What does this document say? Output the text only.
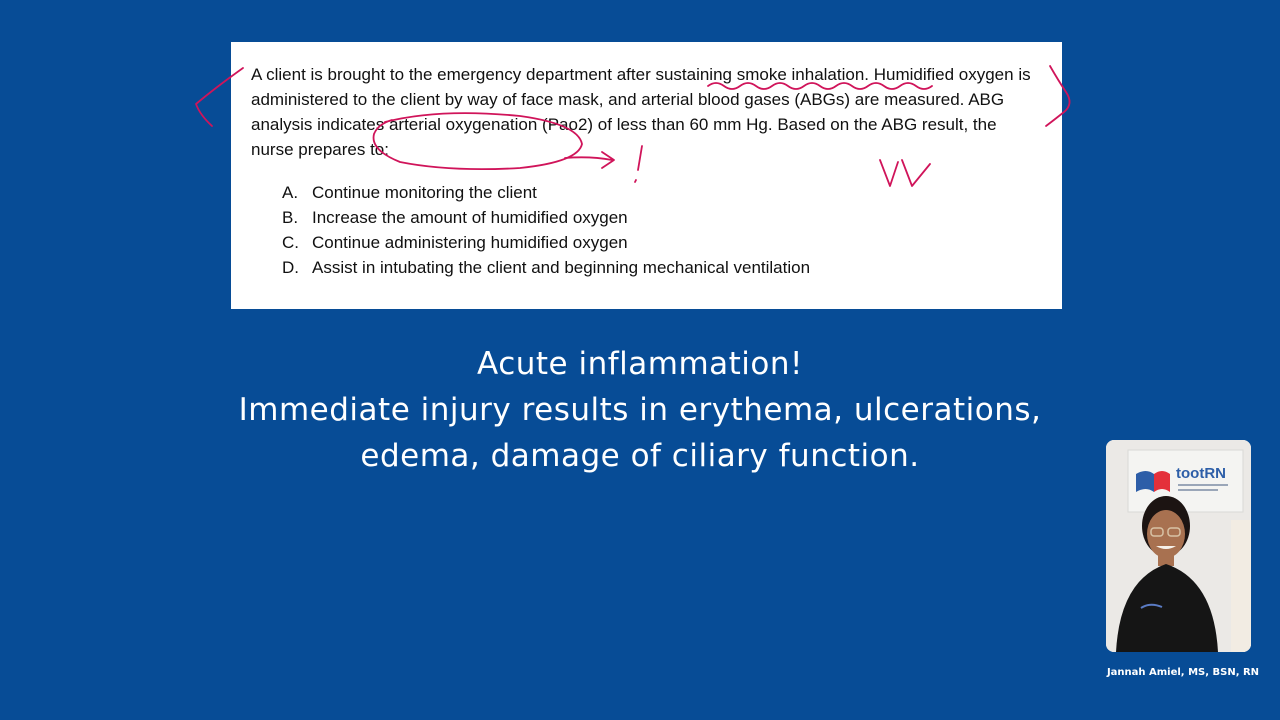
A client is brought to the emergency department after sustaining smoke inhalation. Humidified oxygen is administered to the client by way of face mask, and arterial blood gases (ABGs) are measured. ABG analysis indicates arterial oxygenation (Pao2) of less than 60 mm Hg. Based on the ABG result, the nurse prepares to:

A. Continue monitoring the client
B. Increase the amount of humidified oxygen
C. Continue administering humidified oxygen
D. Assist in intubating the client and beginning mechanical ventilation
Acute inflammation!
Immediate injury results in erythema, ulcerations,
edema, damage of ciliary function.	tootRN
Jannah Amiel, MS, BSN, RN
